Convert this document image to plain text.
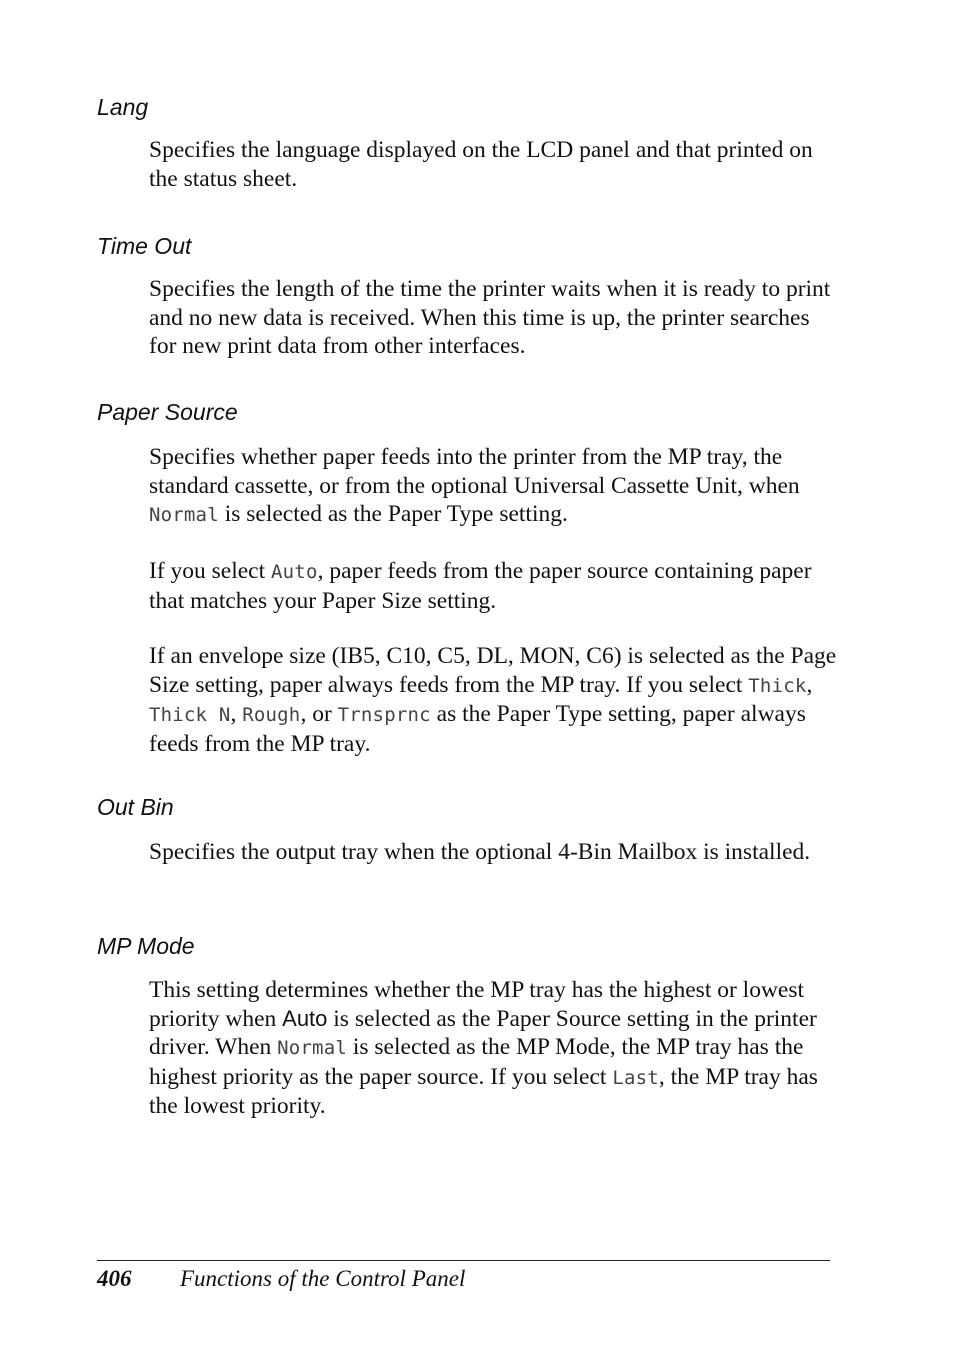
Lang

Specifies the language displayed on the LCD panel and that printed on the status sheet.

Time Out

Specifies the length of the time the printer waits when it is ready to print and no new data is received. When this time is up, the printer searches for new print data from other interfaces.

Paper Source

Specifies whether paper feeds into the printer from the MP tray, the standard cassette, or from the optional Universal Cassette Unit, when Normal is selected as the Paper Type setting.

If you select Auto, paper feeds from the paper source containing paper that matches your Paper Size setting.

If an envelope size (IB5, C10, C5, DL, MON, C6) is selected as the Page Size setting, paper always feeds from the MP tray. If you select Thick, Thick N, Rough, or Trnsprnc as the Paper Type setting, paper always feeds from the MP tray.

Out Bin

Specifies the output tray when the optional 4-Bin Mailbox is installed.

MP Mode

This setting determines whether the MP tray has the highest or lowest priority when Auto is selected as the Paper Source setting in the printer driver. When Normal is selected as the MP Mode, the MP tray has the highest priority as the paper source. If you select Last, the MP tray has the lowest priority.

406 Functions of the Control Panel
